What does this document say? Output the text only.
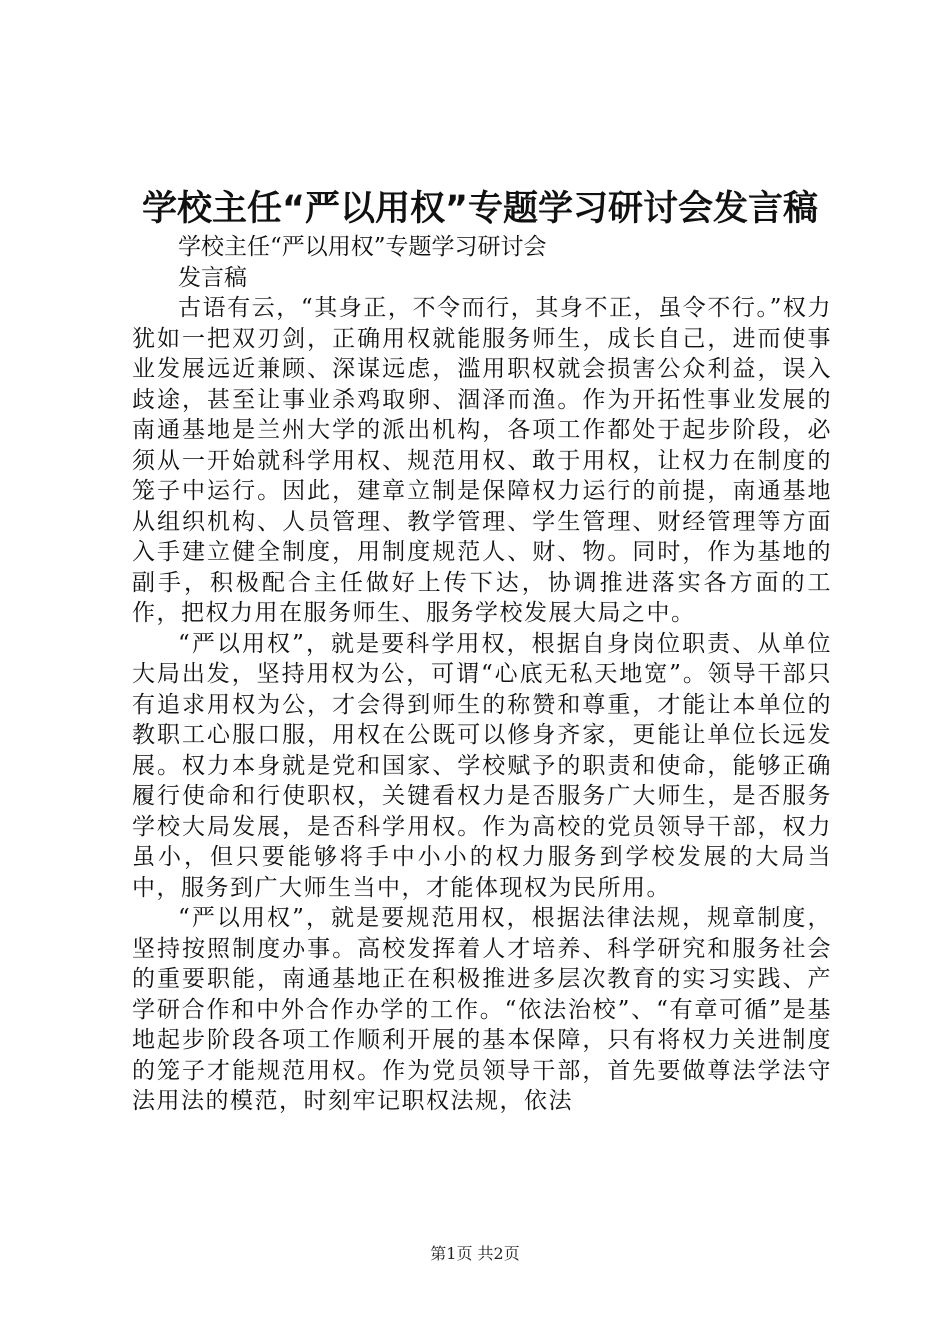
学校主任“严以用权”专题学习研讨会发言稿

学校主任“严以用权”专题学习研讨会

发言稿

古语有云，“其身正，不令而行，其身不正，虽令不行。”权力犹如一把双刃剑，正确用权就能服务师生，成长自己，进而使事业发展远近兼顾、深谋远虑，滥用职权就会损害公众利益，误入歧途，甚至让事业杀鸡取卵、涸泽而渔。作为开拓性事业发展的南通基地是兰州大学的派出机构，各项工作都处于起步阶段，必须从一开始就科学用权、规范用权、敢于用权，让权力在制度的笼子中运行。因此，建章立制是保障权力运行的前提，南通基地从组织机构、人员管理、教学管理、学生管理、财经管理等方面入手建立健全制度，用制度规范人、财、物。同时，作为基地的副手，积极配合主任做好上传下达，协调推进落实各方面的工作，把权力用在服务师生、服务学校发展大局之中。

“严以用权”，就是要科学用权，根据自身岗位职责、从单位大局出发，坚持用权为公，可谓“心底无私天地宽”。领导干部只有追求用权为公，才会得到师生的称赞和尊重，才能让本单位的教职工心服口服，用权在公既可以修身齐家，更能让单位长远发展。权力本身就是党和国家、学校赋予的职责和使命，能够正确履行使命和行使职权，关键看权力是否服务广大师生，是否服务学校大局发展，是否科学用权。作为高校的党员领导干部，权力虽小，但只要能够将手中小小的权力服务到学校发展的大局当中，服务到广大师生当中，才能体现权为民所用。

“严以用权”，就是要规范用权，根据法律法规，规章制度，坚持按照制度办事。高校发挥着人才培养、科学研究和服务社会的重要职能，南通基地正在积极推进多层次教育的实习实践、产学研合作和中外合作办学的工作。“依法治校”、“有章可循”是基地起步阶段各项工作顺利开展的基本保障，只有将权力关进制度的笼子才能规范用权。作为党员领导干部，首先要做尊法学法守法用法的模范，时刻牢记职权法规，依法

第1页 共2页
